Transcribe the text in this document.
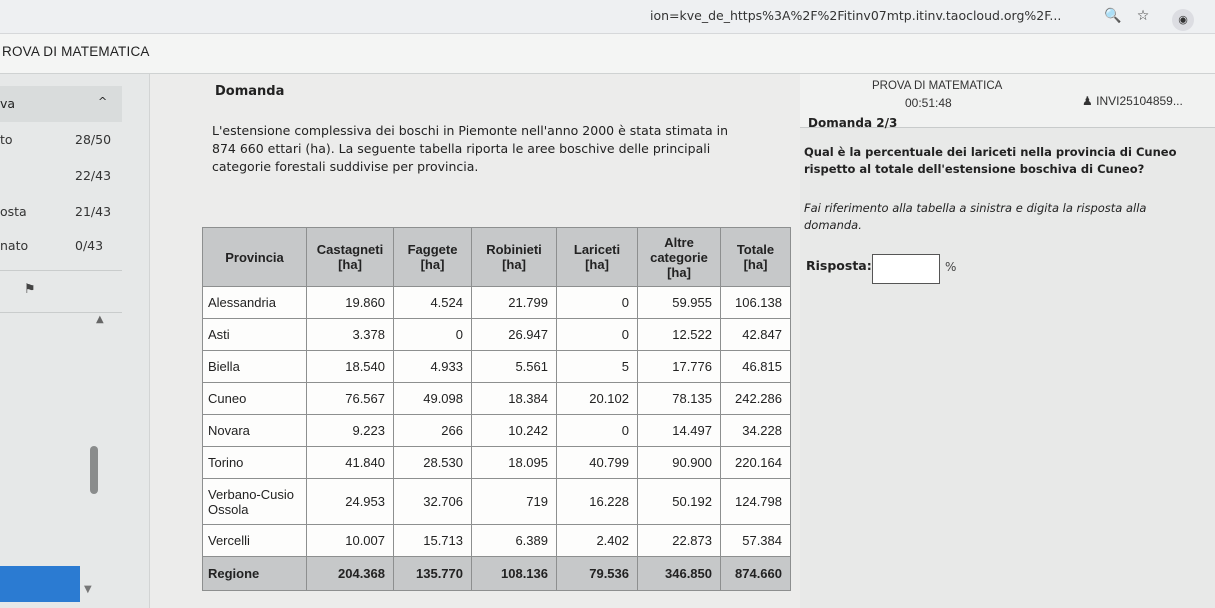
ion=kve_de_https%3A%2F%2Fitinv07mtp.itinv.taocloud.org%2F...	🔍 ☆	◉
ROVA DI MATEMATICA
va	^
to	28/50
22/43
osta	21/43
nato	0/43
⚑
▲
▼
Domanda
L'estensione complessiva dei boschi in Piemonte nell'anno 2000 è stata stimata in
874 660 ettari (ha). La seguente tabella riporta le aree boschive delle principali
categorie forestali suddivise per provincia.
Provincia	Castagneti [ha]	Faggete [ha]	Robinieti [ha]	Lariceti [ha]	Altre categorie [ha]	Totale [ha]
Alessandria	19.860	4.524	21.799	0	59.955	106.138
Asti	3.378	0	26.947	0	12.522	42.847
Biella	18.540	4.933	5.561	5	17.776	46.815
Cuneo	76.567	49.098	18.384	20.102	78.135	242.286
Novara	9.223	266	10.242	0	14.497	34.228
Torino	41.840	28.530	18.095	40.799	90.900	220.164
Verbano-Cusio Ossola	24.953	32.706	719	16.228	50.192	124.798
Vercelli	10.007	15.713	6.389	2.402	22.873	57.384
Regione	204.368	135.770	108.136	79.536	346.850	874.660
PROVA DI MATEMATICA
00:51:48	♟ INVI25104859...
Domanda 2/3
Qual è la percentuale dei lariceti nella provincia di Cuneo rispetto al totale dell'estensione boschiva di Cuneo?
Fai riferimento alla tabella a sinistra e digita la risposta alla domanda.
Risposta:	%
